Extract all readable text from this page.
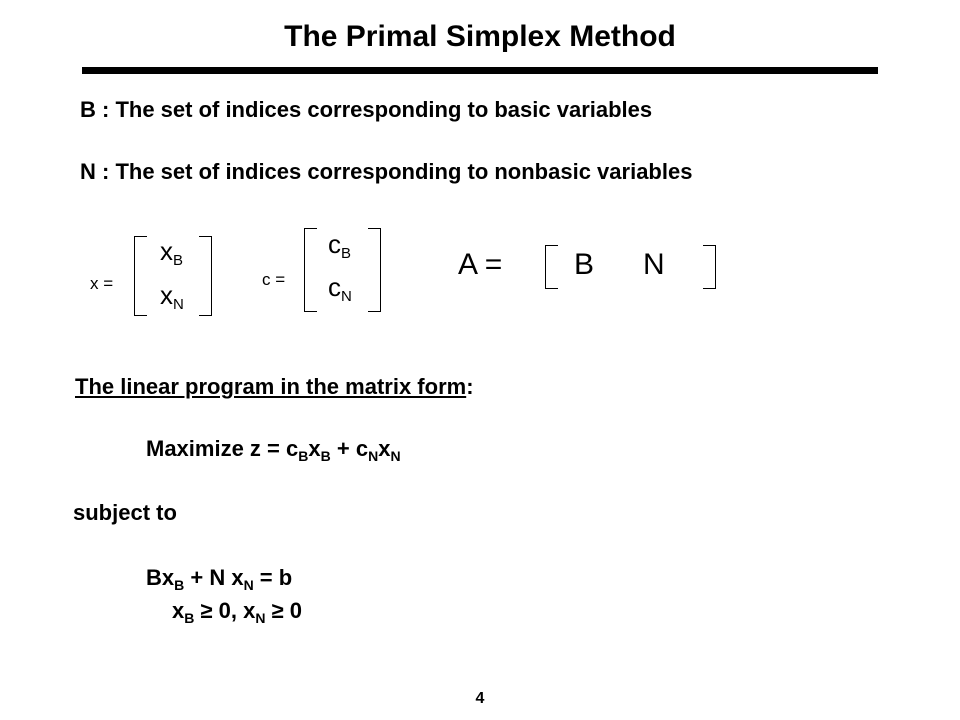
The Primal Simplex Method
B : The set of indices corresponding to basic variables
N : The set of indices corresponding to nonbasic variables
x =
$x_B$
$x_N$
c =
$c_B$
$c_N$
A = B N
The linear program in the matrix form:
Maximize $z = c_Bx_B + c_Nx_N$
subject to
$Bx_B + N$ $x_N = b$
$x_B \ge 0$, $x_N \ge 0$
4
